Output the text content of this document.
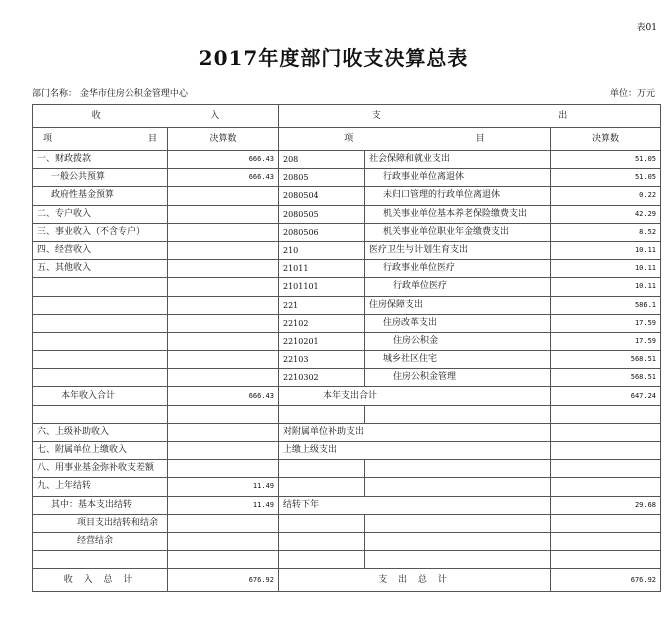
表01
2017年度部门收支决算总表
部门名称： 金华市住房公积金管理中心	单位：万元
收 入		支 出		

项 目	决算数	项 目		决算数
一、财政拨款	666.43	208	社会保障和就业支出	51.05
一般公共预算	666.43	20805	行政事业单位离退休	51.05
政府性基金预算		2080504	未归口管理的行政单位离退休	0.22
二、专户收入		2080505	机关事业单位基本养老保险缴费支出	42.29
三、事业收入（不含专户）		2080506	机关事业单位职业年金缴费支出	8.52
四、经营收入		210	医疗卫生与计划生育支出	10.11
五、其他收入		21011	行政事业单位医疗	10.11
		2101101	行政单位医疗	10.11
		221	住房保障支出	586.1
		22102	住房改革支出	17.59
		2210201	住房公积金	17.59
		22103	城乡社区住宅	568.51
		2210302	住房公积金管理	568.51
本年收入合计	666.43	本年支出合计		647.24

六、上级补助收入		对附属单位补助支出		
七、附属单位上缴收入		上缴上级支出		
八、用事业基金弥补收支差额				
九、上年结转	11.49			
其中：基本支出结转	11.49	结转下年		29.68
项目支出结转和结余				
经营结余				

收 入 总 计	676.92	支 出 总 计		676.92
